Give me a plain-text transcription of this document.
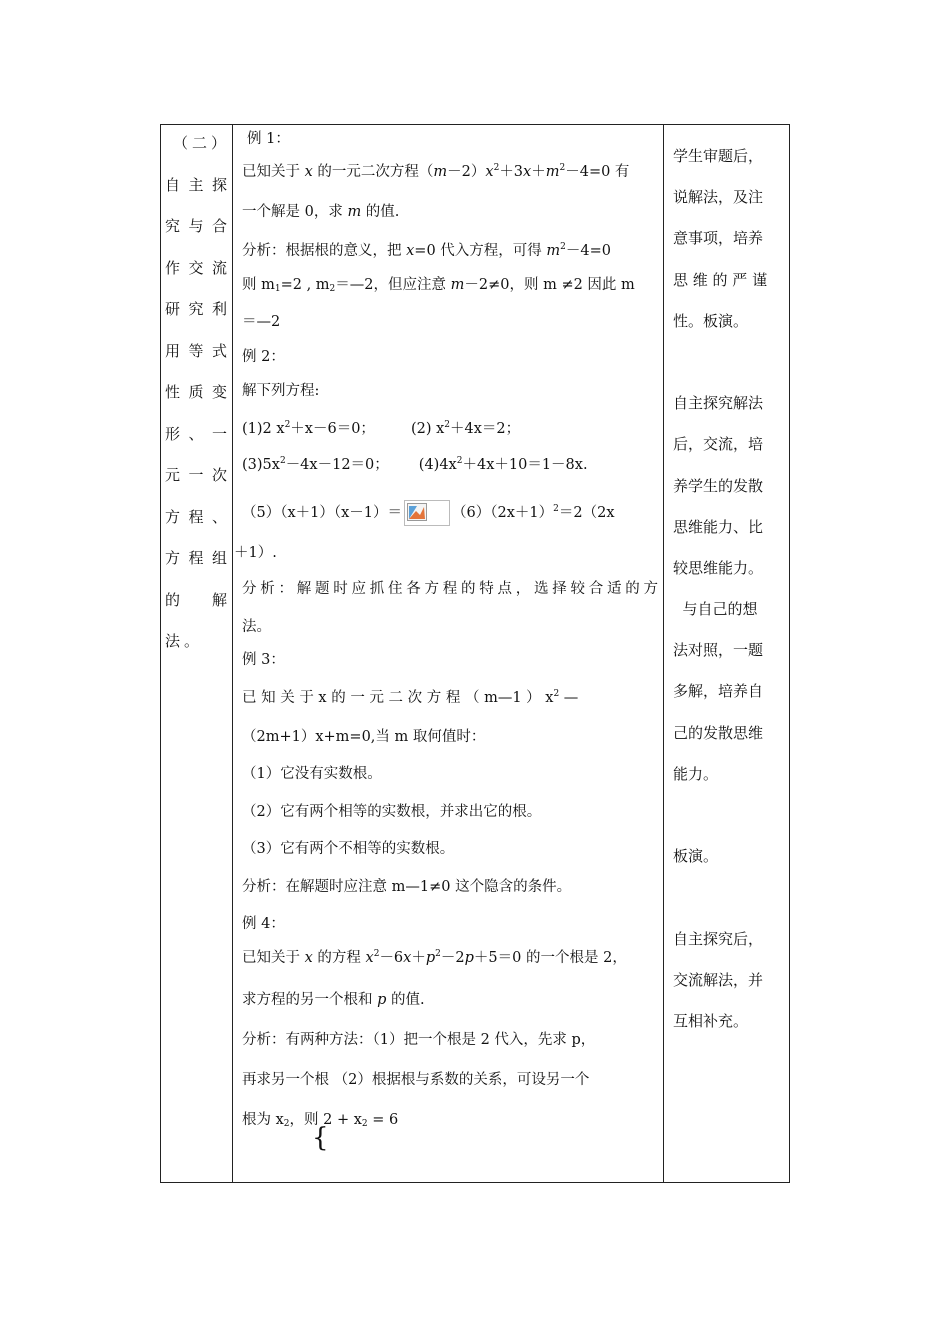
（二）
自主探
究与合
作交流
研究利
用等式
性质变
形、一
元一次
方程、
方程组
的 解
法。
例 1：
已知关于 x 的一元二次方程$(m-2)x^2+3x+m^2-4=0$ 有
一个解是 0，求 m 的值.
分析：根据根的意义，把 x=0 代入方程，可得 $m^2-4=0$
则 $m_1=2$ , $m_2=—2$，但应注意 m－2≠0，则 m ≠2 因此 m
＝—2
例 2：
解下列方程:
(1)2 $x^2+x-6=0$； (2) $x^2+4x=2$；
$(3)5x^2-4x-12=0$； $(4)4x^2+4x+10=1-8x$.
（5）（x＋1）（x－1）＝	$(6)(2x+1)^2=2(2x$
＋1）.
分析：解题时应抓住各方程的特点，选择较合适的方
法。
例 3：
已 知 关 于 x 的 一 元 二 次 方 程 （ m—1 ） $x^2$ —
（2m+1）x+m=0,当 m 取何值时：
（1）它没有实数根。
（2）它有两个相等的实数根，并求出它的根。
（3）它有两个不相等的实数根。
分析：在解题时应注意 m—1≠0 这个隐含的条件。
例 4：
已知关于 x 的方程 $x^2-6x+p^2-2p+5=0$ 的一个根是 2，
求方程的另一个根和 p 的值.
分析：有两种方法：（1）把一个根是 2 代入，先求 p，
再求另一个根 （2）根据根与系数的关系，可设另一个
根为 $x_2$，则 $2 + x_2 = 6$
{
学生审题后，
说解法，及注
意事项，培养
思 维 的 严 谨
性。板演。
自主探究解法
后，交流，培
养学生的发散
思维能力、比
较思维能力。
与自己的想
法对照，一题
多解，培养自
己的发散思维
能力。
板演。
自主探究后，
交流解法，并
互相补充。
